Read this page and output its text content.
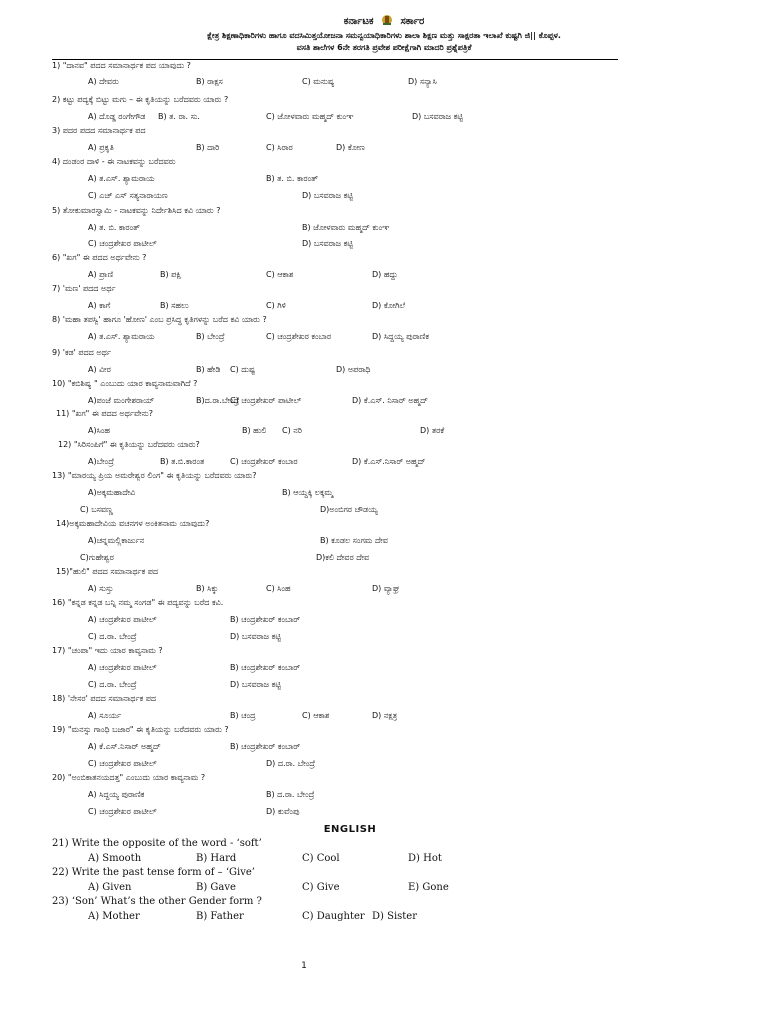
ಕರ್ನಾಟಕ	ಸರ್ಕಾರ
ಕ್ಷೇತ್ರ ಶಿಕ್ಷಣಾಧಿಕಾರಿಗಳು ಹಾಗೂ ವದಸಿಮಿತ್ತಯೋಜನಾ ಸಮನ್ವಯಾಧಿಕಾರಿಗಳು ಶಾಲಾ ಶಿಕ್ಷಣ ಮತ್ತು ಸಾಕ್ಷರತಾ ಇಲಾಖೆ ಕುಷ್ಟಗಿ ಜಿ|| ಕೊಪ್ಪಳ.
ವಸತಿ ಶಾಲೆಗಳ 6ನೇ ತರಗತಿ ಪ್ರವೇಶ ಪರೀಕ್ಷೆಗಾಗಿ ಮಾದರಿ ಪ್ರಶ್ನೆಪತ್ರಿಕೆ
1) "ದಾನವ" ಪದದ ಸಮಾನಾರ್ಥಕ ಪದ ಯಾವುದು ?
A) ದೇವರು	B) ರಾಕ್ಷಸ	C) ಮನುಷ್ಯ	D) ಸನ್ಯಾಸಿ
2) ಕಟ್ಟು ಪದ್ಯಕ್ಕೆ ಬಿಟ್ಟು ಮಗು – ಈ ಕೃತಿಯನ್ನು ಬರೆದವರು ಯಾರು ?
A) ದೊಡ್ಡ ರಂಗೇಗೌಡ B) ತ. ರಾ. ಸು.	C) ಜೋಳವಾರು ಮಹ್ಮದ್ ಕುಂಞ	D) ಬಸವರಾಜ ಕಟ್ಟಿ
3) ಪದರ ಪದದ ಸಮಾನಾರ್ಥಕ ಪದ
A) ಪ್ರಕೃತಿ	B) ದಾರಿ	C) ಸಿರಾರ	D) ಕೋಣ
4) ದಂಡಂರ ದಾಳಿ - ಈ ನಾಟಕವನ್ನು ಬರೆದವರು
A) ತ.ಎಸ್. ಶ್ಯಾಮರಾಯ	B) ತ. ಬಿ. ಕಾರಂತ್
C) ಎಚ್ ಎಸ್ ಸತ್ಯನಾರಾಯಣ	D) ಬಸವರಾಜ ಕಟ್ಟಿ
5) ತೋಕುಮಾರಸ್ವಾಮಿ - ನಾಟಕವನ್ನು ನಿರ್ದೇಶಿಸಿದ ಕವಿ ಯಾರು ?
A) ತ. ಬಿ. ಕಾರಂತ್	B) ಜೋಳವಾರು ಮಹ್ಮದ್ ಕುಂಞ
C) ಚಂದ್ರಶೇಖರ ಪಾಟೀಲ್	D) ಬಸವರಾಜ ಕಟ್ಟಿ
6) "ಖಗ" ಈ ಪದದ ಅರ್ಥವೇನು ?
A) ಪ್ರಾಣಿ	B) ಪಕ್ಷಿ	C) ಆಕಾಶ	D) ಹದ್ದು
7) 'ಮಣ' ಪದದ ಅರ್ಥ
A) ಕಾಗೆ	B) ಸಹಲು	C) ಗಿಳಿ	D) ಕೋಗಿಲೆ
8) 'ಮಹಾ ತಪಸ್ವಿ' ಹಾಗೂ 'ಹೋಣ' ಎಂಬ ಪ್ರಸಿದ್ಧ ಕೃತಿಗಳನ್ನು ಬರೆದ ಕವಿ ಯಾರು ?
A) ತ.ಎಸ್. ಶ್ಯಾಮರಾಯ	B) ಬೇಂದ್ರೆ	C) ಚಂದ್ರಶೇಖರ ಕಂಬಾರ	D) ಸಿದ್ದಯ್ಯ ಪುರಾಣಿಕ
9) 'ಕಡ' ಪದದ ಅರ್ಥ
A) ವೀರ	B) ಹೇಡಿ C) ದುಷ್ಟ	D) ಅಪರಾಧಿ
10) "ಕಬಿಶಿಷ್ಯ " ಎಂಬುದು ಯಾರ ಕಾವ್ಯನಾಮವಾಗಿದೆ ?
A)ಪಂಜೆ ಮಂಗೇಶರಾಯ್	B)ದ.ರಾ.ಬೇಂದ್ರೆ
C) ಚಂದ್ರಶೇಖರ್ ಪಾಟೀಲ್	D) ಕೆ.ಎಸ್. ನಿಸಾರ್ ಅಹ್ಮದ್
11) "ಖಗ" ಈ ಪದದ ಅರ್ಥವೇನು?
A)ಸಿಂಹ	B) ಹುಲಿ C) ನರಿ	D) ತರಕೆ
12) "ಸಿರಿಸಂಪಿಗೆ" ಈ ಕೃತಿಯನ್ನು ಬರೆದವರು ಯಾರು?
A)ಬೇಂದ್ರೆ	B) ತ.ಬಿ.ಕಾರಂತ	C) ಚಂದ್ರಶೇಖರ್ ಕಂಬಾರ	D) ಕೆ.ಎಸ್.ನಿಸಾರ್ ಅಹ್ಮದ್
13) "ಮಾರಯ್ಯ ಪ್ರಿಯ ಅಮರೇಶ್ವರ ಲಿಂಗ" ಈ ಕೃತಿಯನ್ನು ಬರೆದವರು ಯಾರು?
A)ಅಕ್ಕಮಹಾದೇವಿ	B) ಆಯ್ದಕ್ಕಿ ಲಕ್ಕಮ್ಮ
C) ಬಸವಣ್ಣ	D)ಅಂಬಿಗರ ಚೌಡಯ್ಯ
14)ಅಕ್ಕಮಹಾದೇವಿಯ ವಚನಗಳ ಅಂಕಿತನಾಮ ಯಾವುದು?
A)ಚನ್ನಮಲ್ಲಿಕಾರ್ಜುನ	B) ಕೂಡಲ ಸಂಗಮ ದೇವ
C)ಗುಹೇಶ್ವರ	D)ಕಲಿ ದೇವರ ದೇವ
15)"ಹುಲಿ" ಪದದ ಸಮಾನಾರ್ಥಕ ಪದ
A) ಸುಸ್ತು	B) ಸಿಕ್ಕು	C) ಸಿಂಹ	D) ವ್ಯಾಘ್ರ
16) "ಕನ್ನಡ ಕನ್ನಡ ಬನ್ನಿ ನಮ್ಮ ಸಂಗಡ" ಈ ಪದ್ಯವನ್ನು ಬರೆದ ಕವಿ.
A) ಚಂದ್ರಶೇಖರ ಪಾಟೀಲ್	B) ಚಂದ್ರಶೇಖರ್ ಕಂಬಾರ್
C) ದ.ರಾ. ಬೇಂದ್ರೆ	D) ಬಸವರಾಜ ಕಟ್ಟಿ
17) "ಚಂಪಾ" ಇದು ಯಾರ ಕಾವ್ಯನಾಮ ?
A) ಚಂದ್ರಶೇಖರ ಪಾಟೀಲ್	B) ಚಂದ್ರಶೇಖರ್ ಕಂಬಾರ್
C) ದ.ರಾ. ಬೇಂದ್ರೆ	D) ಬಸವರಾಜ ಕಟ್ಟಿ
18) 'ನೇಸರ' ಪದದ ಸಮಾನಾರ್ಥಕ ಪದ
A) ಸೂರ್ಯ	B) ಚಂದ್ರ	C) ಆಕಾಶ	D) ನಕ್ಷತ್ರ
19) "ಮನಸ್ಸು ಗಾಂಧಿ ಬಜಾರ" ಈ ಕೃತಿಯನ್ನು ಬರೆದವರು ಯಾರು ?
A) ಕೆ.ಎಸ್.ನಿಸಾರ್ ಅಹ್ಮದ್	B) ಚಂದ್ರಶೇಖರ್ ಕಂಬಾರ್
C) ಚಂದ್ರಶೇಖರ ಪಾಟೀಲ್	D) ದ.ರಾ. ಬೇಂದ್ರೆ
20) "ಅಂಬಿಕಾತನಯದತ್ತ" ಎಂಬುದು ಯಾರ ಕಾವ್ಯನಾಮ ?
A) ಸಿದ್ದಯ್ಯ ಪುರಾಣಿಕ	B) ದ.ರಾ. ಬೇಂದ್ರೆ
C) ಚಂದ್ರಶೇಖರ ಪಾಟೀಲ್	D) ಕುವೆಂಪು
ENGLISH
21) Write the opposite of the word - ‘soft’
A) Smooth	B) Hard	C) Cool	D) Hot
22) Write the past tense form of – ‘Give’
A) Given	B) Gave	C) Give	E) Gone
23) ‘Son’ What’s the other Gender form ?
A) Mother	B) Father	C) Daughter D) Sister
1
